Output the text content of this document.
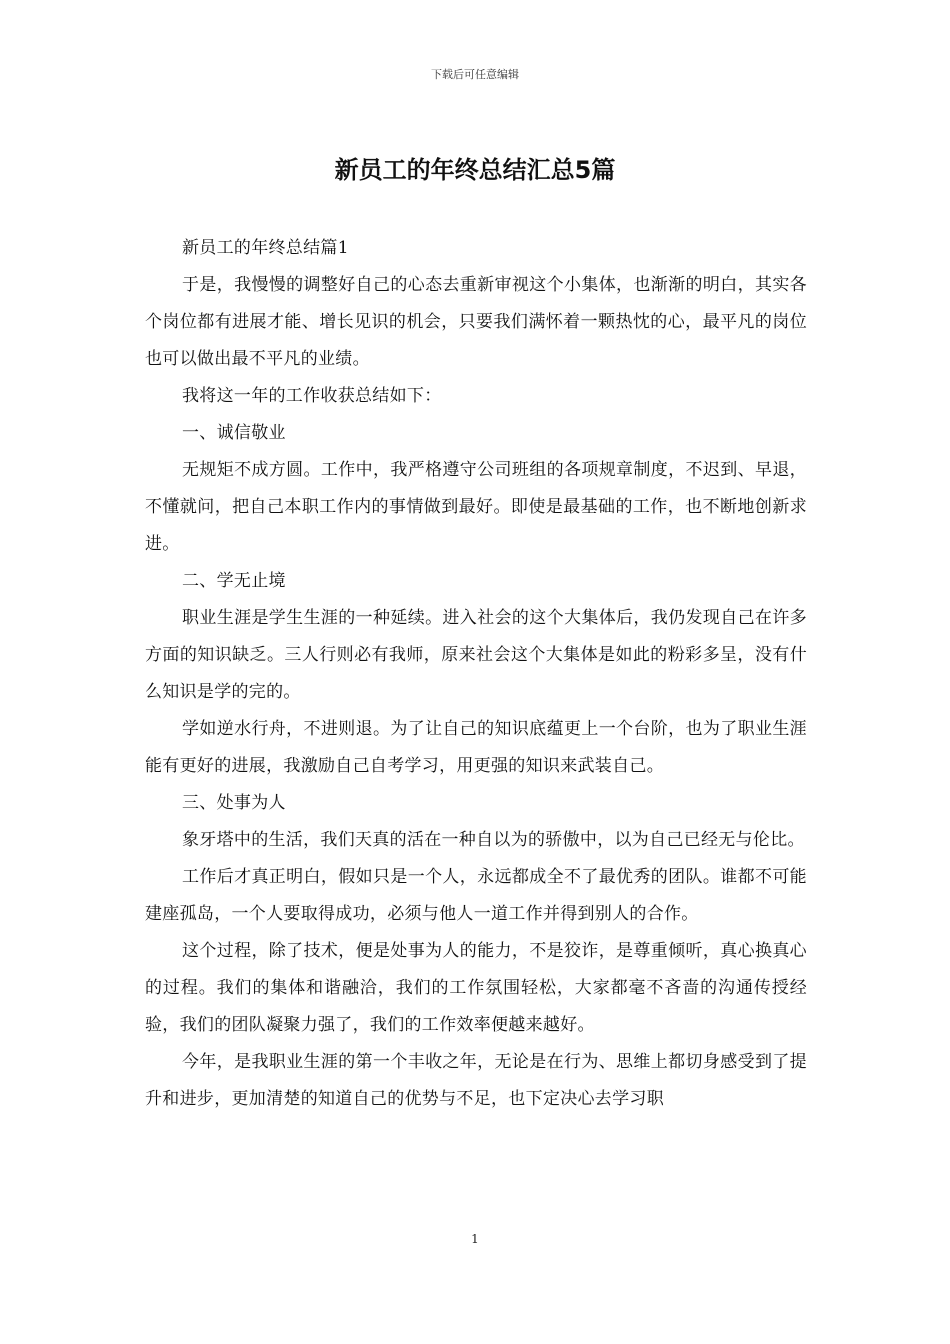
下载后可任意编辑
新员工的年终总结汇总5篇

新员工的年终总结篇1

于是，我慢慢的调整好自己的心态去重新审视这个小集体，也渐渐的明白，其实各个岗位都有进展才能、增长见识的机会，只要我们满怀着一颗热忱的心，最平凡的岗位也可以做出最不平凡的业绩。

我将这一年的工作收获总结如下：

一、诚信敬业

无规矩不成方圆。工作中，我严格遵守公司班组的各项规章制度，不迟到、早退，不懂就问，把自己本职工作内的事情做到最好。即使是最基础的工作，也不断地创新求进。

二、学无止境

职业生涯是学生生涯的一种延续。进入社会的这个大集体后，我仍发现自己在许多方面的知识缺乏。三人行则必有我师，原来社会这个大集体是如此的粉彩多呈，没有什么知识是学的完的。

学如逆水行舟，不进则退。为了让自己的知识底蕴更上一个台阶，也为了职业生涯能有更好的进展，我激励自己自考学习，用更强的知识来武装自己。

三、处事为人

象牙塔中的生活，我们天真的活在一种自以为的骄傲中，以为自己已经无与伦比。

工作后才真正明白，假如只是一个人，永远都成全不了最优秀的团队。谁都不可能建座孤岛，一个人要取得成功，必须与他人一道工作并得到别人的合作。

这个过程，除了技术，便是处事为人的能力，不是狡诈，是尊重倾听，真心换真心的过程。我们的集体和谐融洽，我们的工作氛围轻松，大家都毫不吝啬的沟通传授经验，我们的团队凝聚力强了，我们的工作效率便越来越好。

今年，是我职业生涯的第一个丰收之年，无论是在行为、思维上都切身感受到了提升和进步，更加清楚的知道自己的优势与不足，也下定决心去学习职

1
